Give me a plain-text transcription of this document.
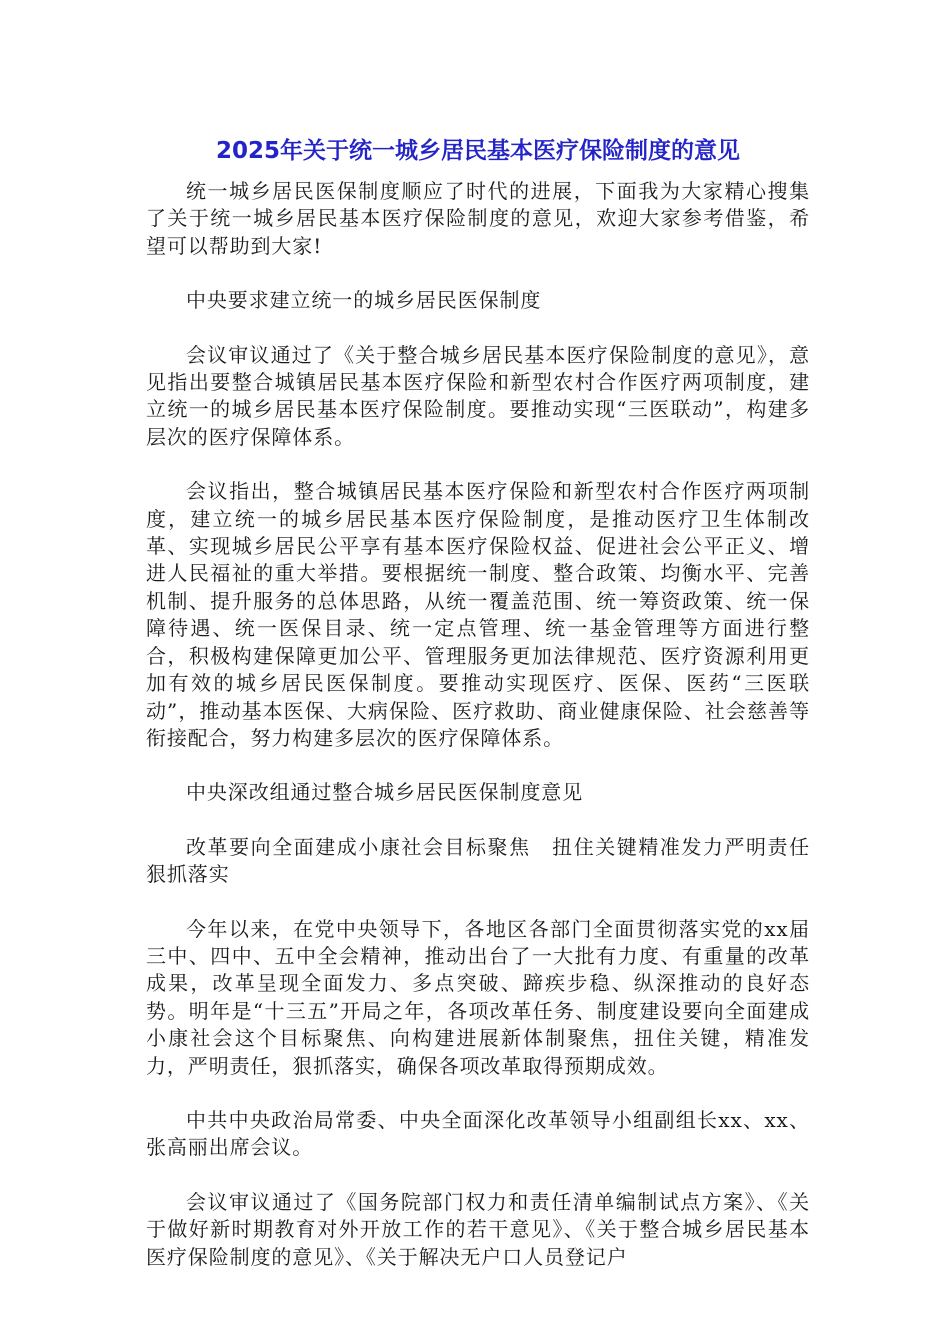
2025年关于统一城乡居民基本医疗保险制度的意见

统一城乡居民医保制度顺应了时代的进展，下面我为大家精心搜集了关于统一城乡居民基本医疗保险制度的意见，欢迎大家参考借鉴，希望可以帮助到大家!

中央要求建立统一的城乡居民医保制度

会议审议通过了《关于整合城乡居民基本医疗保险制度的意见》，意见指出要整合城镇居民基本医疗保险和新型农村合作医疗两项制度，建立统一的城乡居民基本医疗保险制度。要推动实现“三医联动”，构建多层次的医疗保障体系。

会议指出，整合城镇居民基本医疗保险和新型农村合作医疗两项制度，建立统一的城乡居民基本医疗保险制度，是推动医疗卫生体制改革、实现城乡居民公平享有基本医疗保险权益、促进社会公平正义、增进人民福祉的重大举措。要根据统一制度、整合政策、均衡水平、完善机制、提升服务的总体思路，从统一覆盖范围、统一筹资政策、统一保障待遇、统一医保目录、统一定点管理、统一基金管理等方面进行整合，积极构建保障更加公平、管理服务更加法律规范、医疗资源利用更加有效的城乡居民医保制度。要推动实现医疗、医保、医药“三医联动”，推动基本医保、大病保险、医疗救助、商业健康保险、社会慈善等衔接配合，努力构建多层次的医疗保障体系。

中央深改组通过整合城乡居民医保制度意见

改革要向全面建成小康社会目标聚焦　扭住关键精准发力严明责任狠抓落实

今年以来，在党中央领导下，各地区各部门全面贯彻落实党的xx届三中、四中、五中全会精神，推动出台了一大批有力度、有重量的改革成果，改革呈现全面发力、多点突破、蹄疾步稳、纵深推动的良好态势。明年是“十三五”开局之年，各项改革任务、制度建设要向全面建成小康社会这个目标聚焦、向构建进展新体制聚焦，扭住关键，精准发力，严明责任，狠抓落实，确保各项改革取得预期成效。

中共中央政治局常委、中央全面深化改革领导小组副组长xx、xx、张高丽出席会议。

会议审议通过了《国务院部门权力和责任清单编制试点方案》、《关于做好新时期教育对外开放工作的若干意见》、《关于整合城乡居民基本医疗保险制度的意见》、《关于解决无户口人员登记户
